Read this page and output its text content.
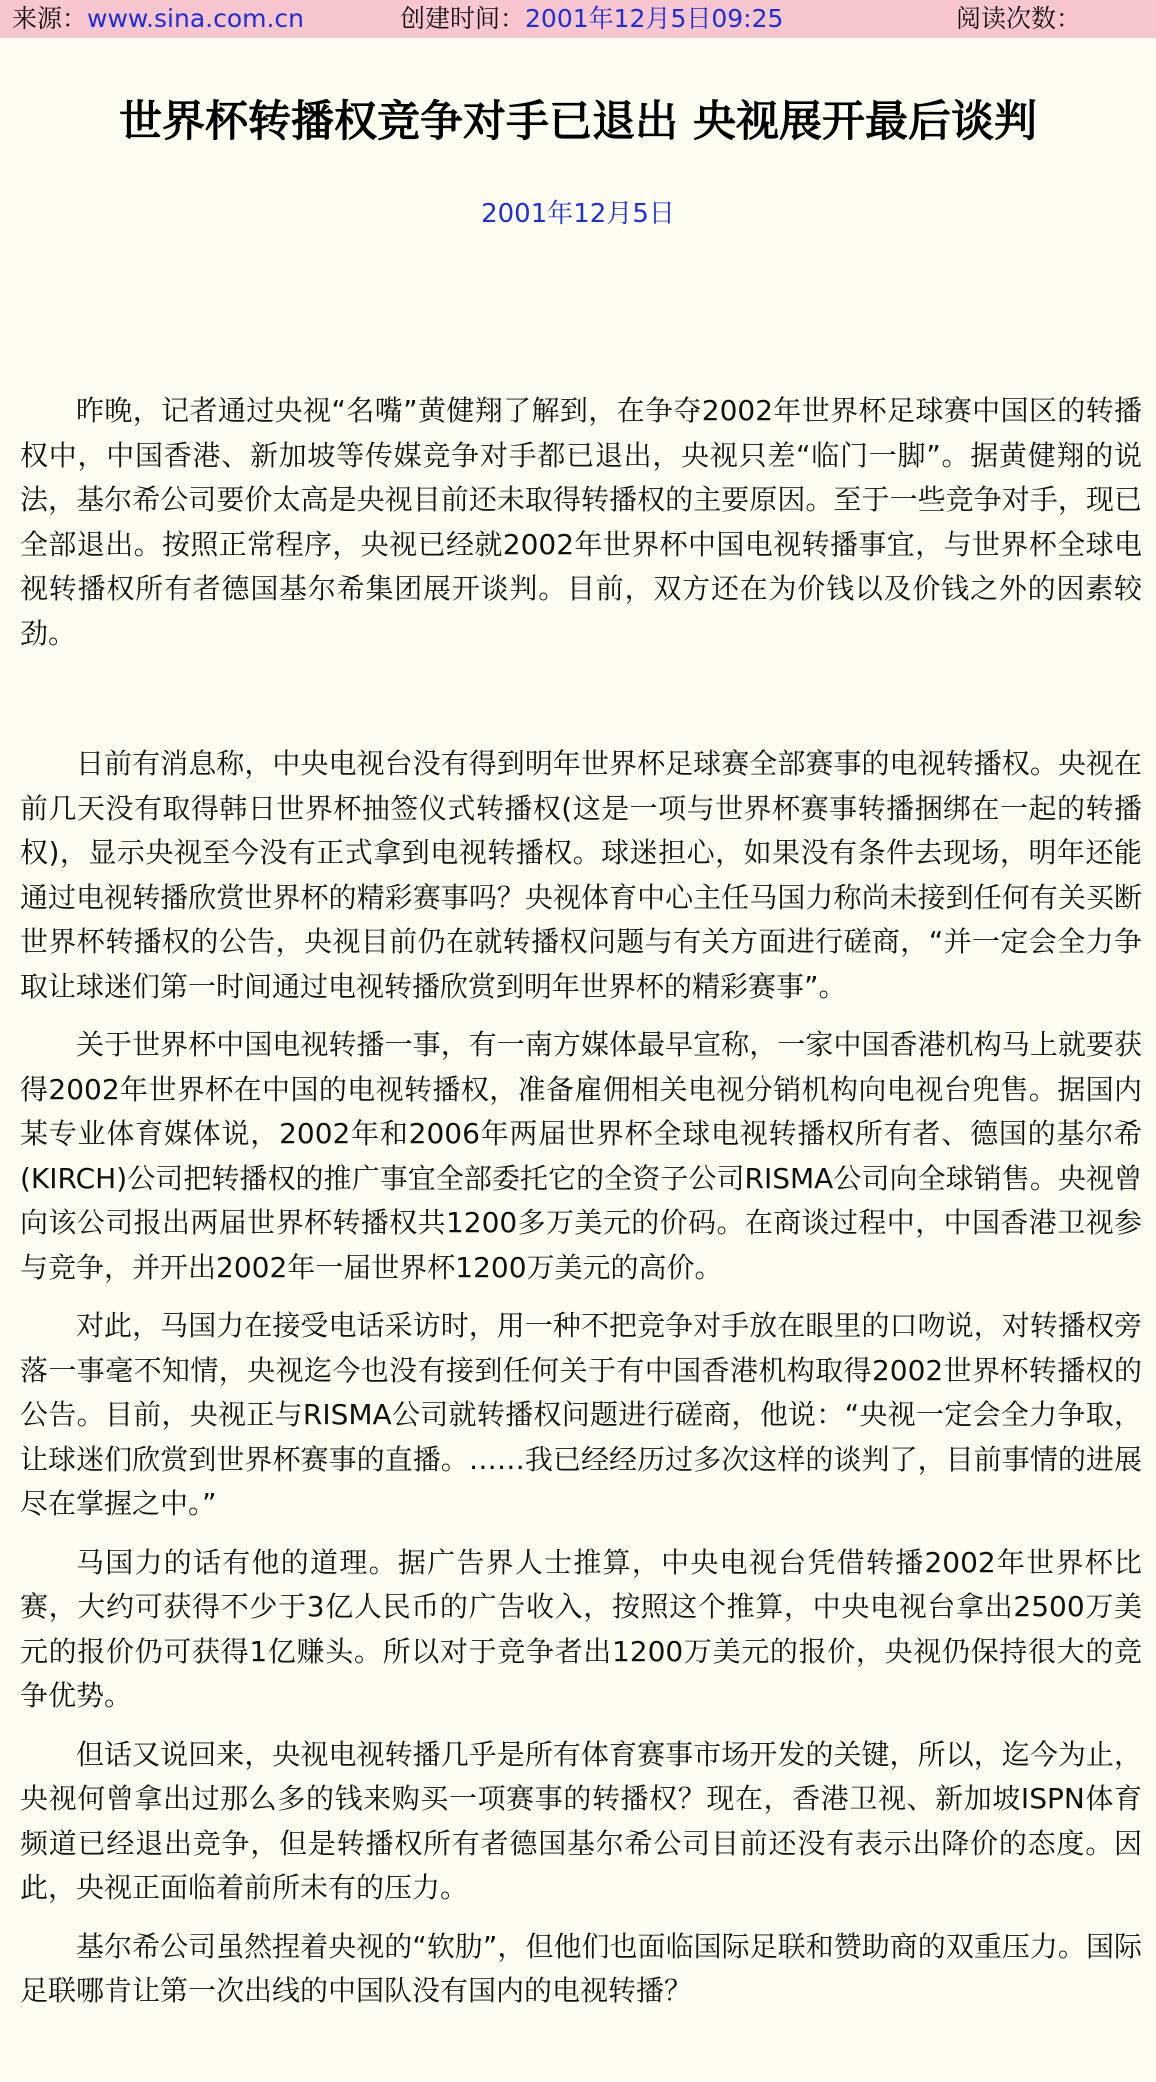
来源：www.sina.com.cn	创建时间：2001年12月5日09:25	阅读次数：
世界杯转播权竞争对手已退出 央视展开最后谈判
2001年12月5日

昨晚，记者通过央视“名嘴”黄健翔了解到，在争夺2002年世界杯足球赛中国区的转播权中，中国香港、新加坡等传媒竞争对手都已退出，央视只差“临门一脚”。据黄健翔的说法，基尔希公司要价太高是央视目前还未取得转播权的主要原因。至于一些竞争对手，现已全部退出。按照正常程序，央视已经就2002年世界杯中国电视转播事宜，与世界杯全球电视转播权所有者德国基尔希集团展开谈判。目前，双方还在为价钱以及价钱之外的因素较劲。

日前有消息称，中央电视台没有得到明年世界杯足球赛全部赛事的电视转播权。央视在前几天没有取得韩日世界杯抽签仪式转播权(这是一项与世界杯赛事转播捆绑在一起的转播权)，显示央视至今没有正式拿到电视转播权。球迷担心，如果没有条件去现场，明年还能通过电视转播欣赏世界杯的精彩赛事吗？央视体育中心主任马国力称尚未接到任何有关买断世界杯转播权的公告，央视目前仍在就转播权问题与有关方面进行磋商，“并一定会全力争取让球迷们第一时间通过电视转播欣赏到明年世界杯的精彩赛事”。

关于世界杯中国电视转播一事，有一南方媒体最早宣称，一家中国香港机构马上就要获得2002年世界杯在中国的电视转播权，准备雇佣相关电视分销机构向电视台兜售。据国内某专业体育媒体说，2002年和2006年两届世界杯全球电视转播权所有者、德国的基尔希(KIRCH)公司把转播权的推广事宜全部委托它的全资子公司RISMA公司向全球销售。央视曾向该公司报出两届世界杯转播权共1200多万美元的价码。在商谈过程中，中国香港卫视参与竞争，并开出2002年一届世界杯1200万美元的高价。

对此，马国力在接受电话采访时，用一种不把竞争对手放在眼里的口吻说，对转播权旁落一事毫不知情，央视迄今也没有接到任何关于有中国香港机构取得2002世界杯转播权的公告。目前，央视正与RISMA公司就转播权问题进行磋商，他说：“央视一定会全力争取，让球迷们欣赏到世界杯赛事的直播。……我已经经历过多次这样的谈判了，目前事情的进展尽在掌握之中。”

马国力的话有他的道理。据广告界人士推算，中央电视台凭借转播2002年世界杯比赛，大约可获得不少于3亿人民币的广告收入，按照这个推算，中央电视台拿出2500万美元的报价仍可获得1亿赚头。所以对于竞争者出1200万美元的报价，央视仍保持很大的竞争优势。

但话又说回来，央视电视转播几乎是所有体育赛事市场开发的关键，所以，迄今为止，央视何曾拿出过那么多的钱来购买一项赛事的转播权？现在，香港卫视、新加坡ISPN体育频道已经退出竞争，但是转播权所有者德国基尔希公司目前还没有表示出降价的态度。因此，央视正面临着前所未有的压力。

基尔希公司虽然捏着央视的“软肋”，但他们也面临国际足联和赞助商的双重压力。国际足联哪肯让第一次出线的中国队没有国内的电视转播？
